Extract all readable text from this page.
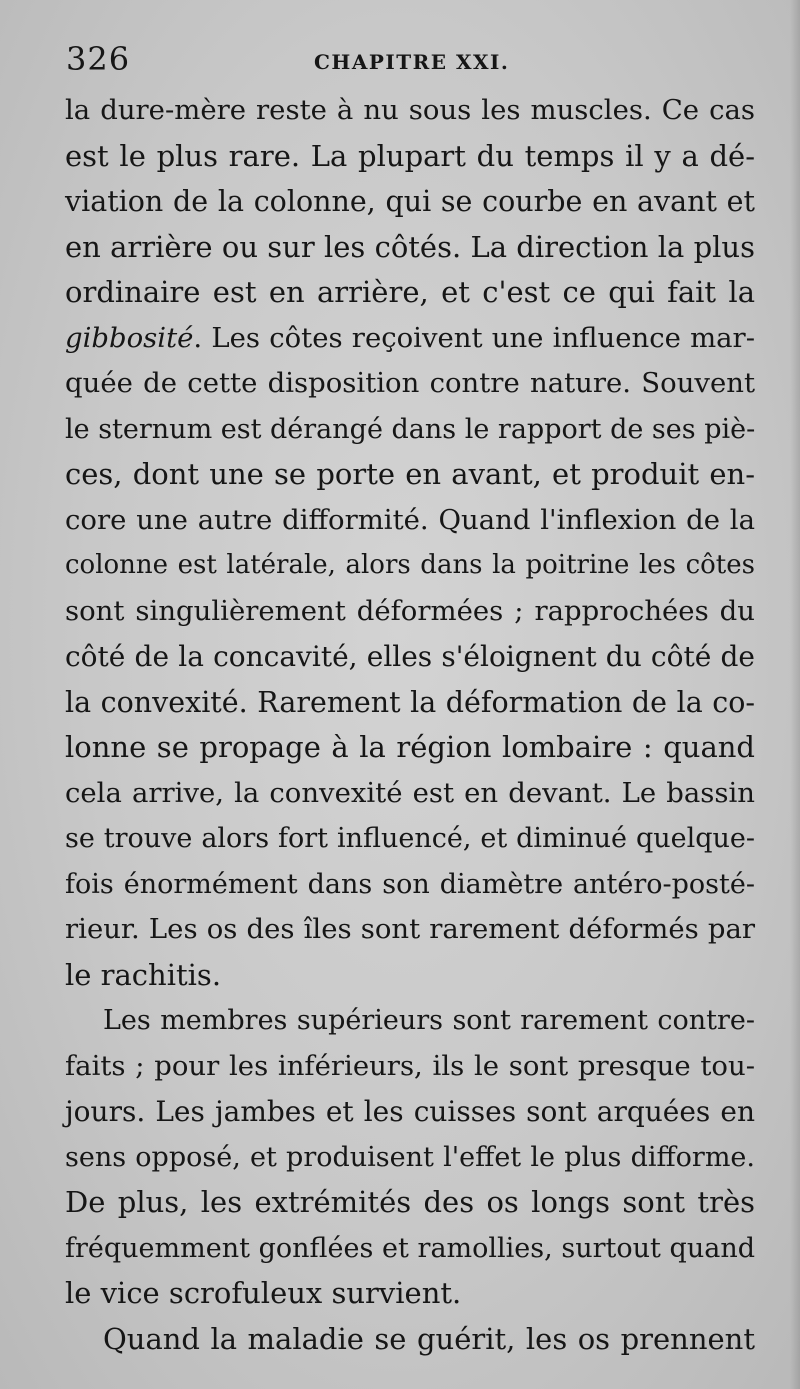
326	CHAPITRE XXI.
la dure-mère reste à nu sous les muscles. Ce cas
est le plus rare. La plupart du temps il y a dé-
viation de la colonne, qui se courbe en avant et
en arrière ou sur les côtés. La direction la plus
ordinaire est en arrière, et c'est ce qui fait la
gibbosité. Les côtes reçoivent une influence mar-
quée de cette disposition contre nature. Souvent
le sternum est dérangé dans le rapport de ses piè-
ces, dont une se porte en avant, et produit en-
core une autre difformité. Quand l'inflexion de la
colonne est latérale, alors dans la poitrine les côtes
sont singulièrement déformées ; rapprochées du
côté de la concavité, elles s'éloignent du côté de
la convexité. Rarement la déformation de la co-
lonne se propage à la région lombaire : quand
cela arrive, la convexité est en devant. Le bassin
se trouve alors fort influencé, et diminué quelque-
fois énormément dans son diamètre antéro-posté-
rieur. Les os des îles sont rarement déformés par
le rachitis.
Les membres supérieurs sont rarement contre-
faits ; pour les inférieurs, ils le sont presque tou-
jours. Les jambes et les cuisses sont arquées en
sens opposé, et produisent l'effet le plus difforme.
De plus, les extrémités des os longs sont très
fréquemment gonflées et ramollies, surtout quand
le vice scrofuleux survient.
Quand la maladie se guérit, les os prennent
